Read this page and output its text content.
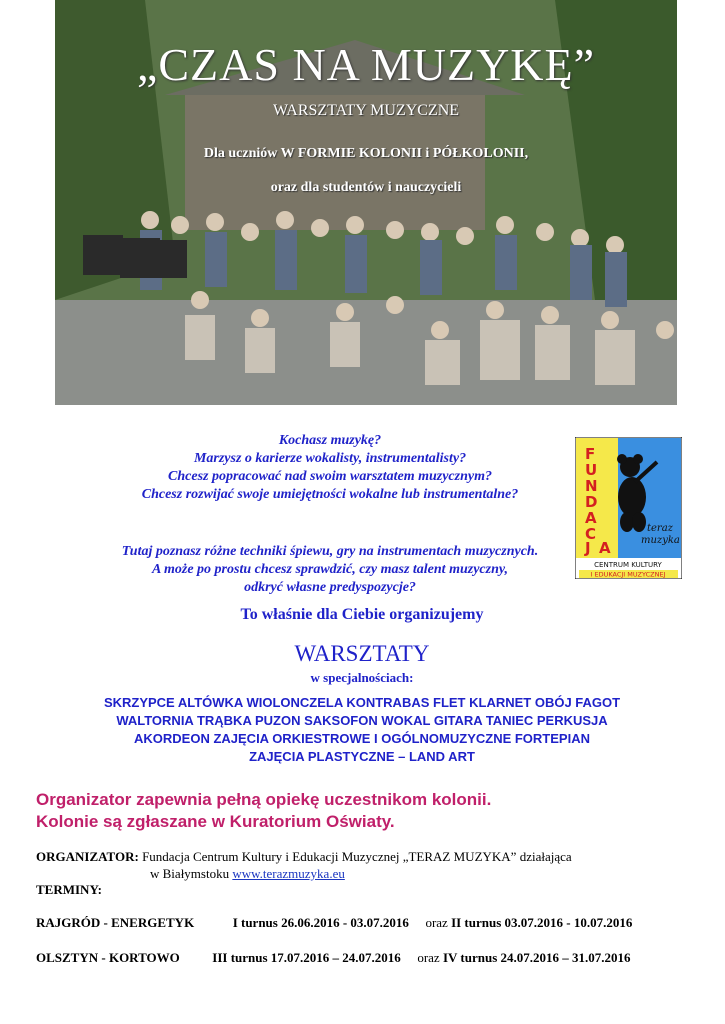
„CZAS NA MUZYKĘ”
WARSZTATY MUZYCZNE
Dla uczniów W FORMIE KOLONII i PÓŁKOLONII,
oraz dla studentów i nauczycieli
Kochasz muzykę?
Marzysz o karierze wokalisty, instrumentalisty?
Chcesz popracować nad swoim warsztatem muzycznym?
Chcesz rozwijać swoje umiejętności wokalne lub instrumentalne?
Tutaj poznasz różne techniki śpiewu, gry na instrumentach muzycznych.
A może po prostu chcesz sprawdzić, czy masz talent muzyczny,
odkryć własne predyspozycje?
F
U
N
D
A
C
J A
teraz
muzyka
CENTRUM KULTURY
I EDUKACJI MUZYCZNEJ
To właśnie dla Ciebie organizujemy
WARSZTATY
w specjalnościach:
SKRZYPCE ALTÓWKA WIOLONCZELA KONTRABAS FLET KLARNET OBÓJ FAGOT
WALTORNIA TRĄBKA PUZON SAKSOFON WOKAL GITARA TANIEC PERKUSJA
AKORDEON ZAJĘCIA ORKIESTROWE I OGÓLNOMUZYCZNE FORTEPIAN
ZAJĘCIA PLASTYCZNE – LAND ART
Organizator zapewnia pełną opiekę uczestnikom kolonii.
Kolonie są zgłaszane w Kuratorium Oświaty.
ORGANIZATOR: Fundacja Centrum Kultury i Edukacji Muzycznej „TERAZ MUZYKA” działająca
w Białymstoku www.terazmuzyka.eu
TERMINY:
RAJGRÓD - ENERGETYK	I turnus 26.06.2016 - 03.07.2016 oraz II turnus 03.07.2016 - 10.07.2016
OLSZTYN - KORTOWO	III turnus 17.07.2016 – 24.07.2016 oraz IV turnus 24.07.2016 – 31.07.2016
